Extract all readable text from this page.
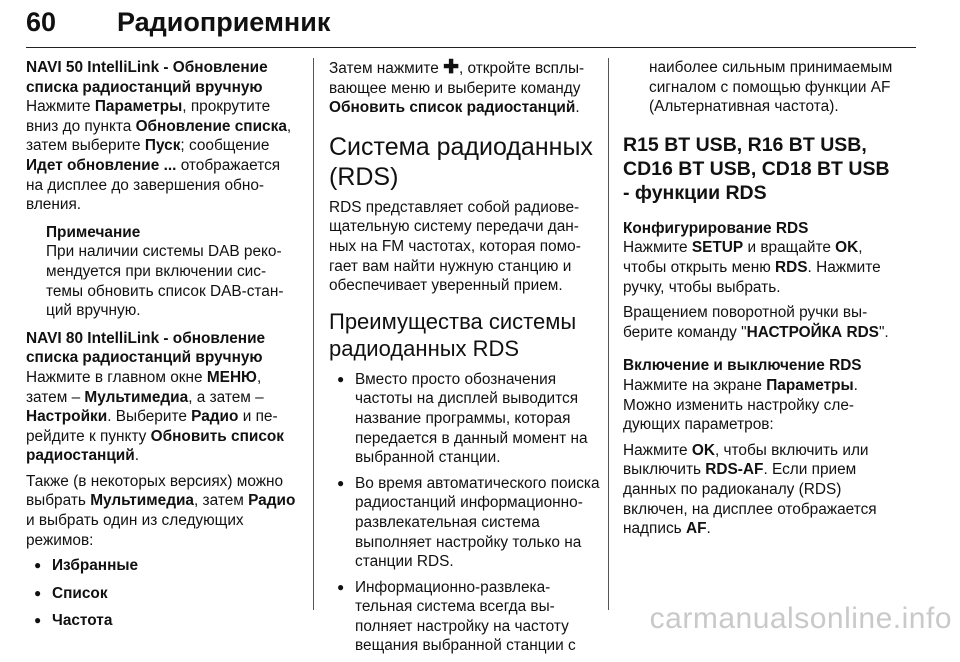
60 Радиоприемник

NAVI 50 IntelliLink - Обновление списка радиостанций вручную

Нажмите Параметры, прокрутите вниз до пункта Обновление списка, затем выберите Пуск; сообщение Идет обновление ... отображается на дисплее до завершения обновления.

Примечание
При наличии системы DAB рекомендуется при включении системы обновить список DAB-станций вручную.

NAVI 80 IntelliLink - обновление списка радиостанций вручную

Нажмите в главном окне МЕНЮ, затем – Мультимедиа, а затем – Настройки. Выберите Радио и перейдите к пункту Обновить список радиостанций.

Также (в некоторых версиях) можно выбрать Мультимедиа, затем Радио и выбрать один из следующих режимов:

● Избранные
● Список
● Частота

Затем нажмите ✚, откройте всплывающее меню и выберите команду Обновить список радиостанций.

Система радиоданных (RDS)

RDS представляет собой радиовещательную систему передачи данных на FM частотах, которая помогает вам найти нужную станцию и обеспечивает уверенный прием.

Преимущества системы радиоданных RDS

● Вместо просто обозначения частоты на дисплей выводится название программы, которая передается в данный момент на выбранной станции.
● Во время автоматического поиска радиостанций информационно-развлекательная система выполняет настройку только на станции RDS.
● Информационно-развлекательная система всегда выполняет настройку на частоту вещания выбранной станции с

наиболее сильным принимаемым сигналом с помощью функции AF (Альтернативная частота).

R15 BT USB, R16 BT USB, CD16 BT USB, CD18 BT USB - функции RDS

Конфигурирование RDS

Нажмите SETUP и вращайте OK, чтобы открыть меню RDS. Нажмите ручку, чтобы выбрать.

Вращением поворотной ручки выберите команду "НАСТРОЙКА RDS".

Включение и выключение RDS

Нажмите на экране Параметры. Можно изменить настройку следующих параметров:

Нажмите OK, чтобы включить или выключить RDS-AF. Если прием данных по радиоканалу (RDS) включен, на дисплее отображается надпись AF.

carmanualsonline.info
